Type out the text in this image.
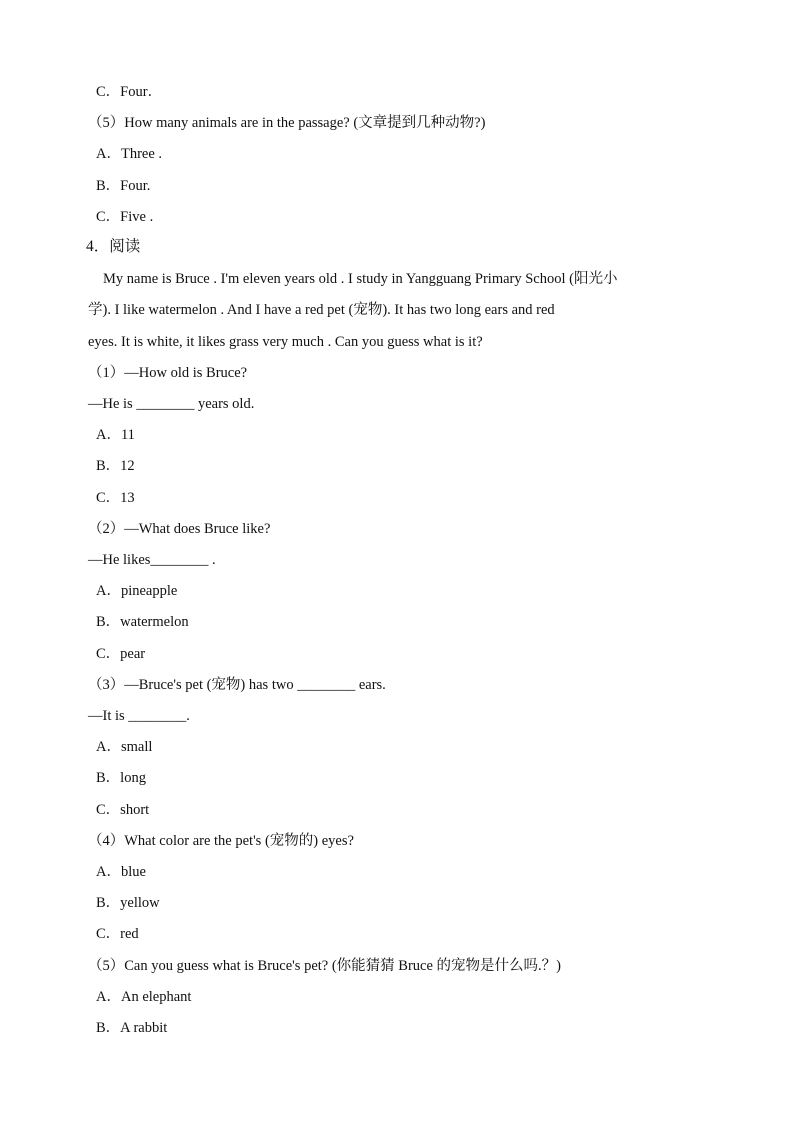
C．Four．
（5）How many animals are in the passage? (文章提到几种动物?)
A．Three .
B．Four.
C．Five .
4．阅读
My name is Bruce . I'm eleven years old . I study in Yangguang Primary School (阳光小
学). I like watermelon . And I have a red pet (宠物). It has two long ears and red
eyes. It is white, it likes grass very much . Can you guess what is it?
（1）—How old is Bruce?
—He is ________ years old.
A．11
B．12
C．13
（2）—What does Bruce like?
—He likes________ .
A．pineapple
B．watermelon
C．pear
（3）—Bruce's pet (宠物) has two ________ ears.
—It is ________.
A．small
B．long
C．short
（4）What color are the pet's (宠物的) eyes?
A．blue
B．yellow
C．red
（5）Can you guess what is Bruce's pet? (你能猜猜 Bruce 的宠物是什么吗.？)
A．An elephant
B．A rabbit
